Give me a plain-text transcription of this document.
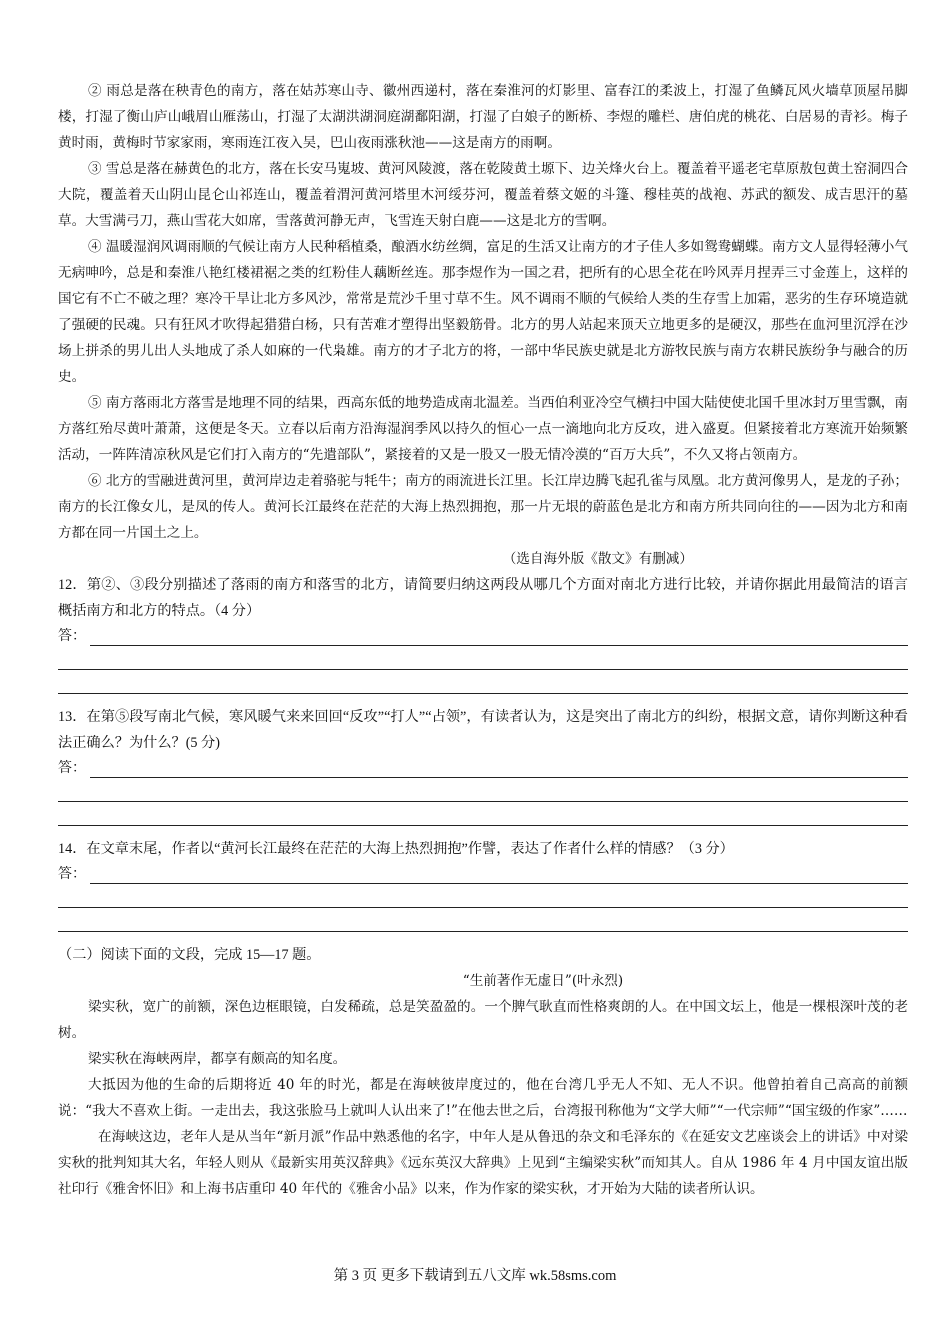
② 雨总是落在秧青色的南方，落在姑苏寒山寺、徽州西递村，落在秦淮河的灯影里、富春江的柔波上，打湿了鱼鳞瓦风火墙草顶屋吊脚楼，打湿了衡山庐山峨眉山雁荡山，打湿了太湖洪湖洞庭湖鄱阳湖，打湿了白娘子的断桥、李煜的雕栏、唐伯虎的桃花、白居易的青衫。梅子黄时雨，黄梅时节家家雨，寒雨连江夜入吴，巴山夜雨涨秋池——这是南方的雨啊。

③ 雪总是落在赫黄色的北方，落在长安马嵬坡、黄河风陵渡，落在乾陵黄土塬下、边关烽火台上。覆盖着平遥老宅草原敖包黄土窑洞四合大院，覆盖着天山阴山昆仑山祁连山，覆盖着渭河黄河塔里木河绥芬河，覆盖着蔡文姬的斗篷、穆桂英的战袍、苏武的额发、成吉思汗的墓草。大雪满弓刀，燕山雪花大如席，雪落黄河静无声，飞雪连天射白鹿——这是北方的雪啊。

④ 温暖湿润风调雨顺的气候让南方人民种稻植桑，酿酒水纺丝绸，富足的生活又让南方的才子佳人多如鸳鸯蝴蝶。南方文人显得轻薄小气无病呻吟，总是和秦淮八艳红楼裙裾之类的红粉佳人藕断丝连。那李煜作为一国之君，把所有的心思全花在吟风弄月捏弄三寸金莲上，这样的国它有不亡不破之理？寒冷干旱让北方多风沙，常常是荒沙千里寸草不生。风不调雨不顺的气候给人类的生存雪上加霜，恶劣的生存环境造就了强硬的民魂。只有狂风才吹得起猎猎白杨，只有苦难才塑得出坚毅筋骨。北方的男人站起来顶天立地更多的是硬汉，那些在血河里沉浮在沙场上拼杀的男儿出人头地成了杀人如麻的一代枭雄。南方的才子北方的将，一部中华民族史就是北方游牧民族与南方农耕民族纷争与融合的历史。

⑤ 南方落雨北方落雪是地理不同的结果，西高东低的地势造成南北温差。当西伯利亚冷空气横扫中国大陆使使北国千里冰封万里雪飘，南方落红殆尽黄叶萧萧，这便是冬天。立春以后南方沿海湿润季风以持久的恒心一点一滴地向北方反攻，进入盛夏。但紧接着北方寒流开始频繁活动，一阵阵清凉秋风是它们打入南方的“先遣部队”，紧接着的又是一股又一股无情冷漠的“百万大兵”，不久又将占领南方。

⑥ 北方的雪融进黄河里，黄河岸边走着骆驼与牦牛；南方的雨流进长江里。长江岸边腾飞起孔雀与凤凰。北方黄河像男人，是龙的子孙；南方的长江像女儿，是凤的传人。黄河长江最终在茫茫的大海上热烈拥抱，那一片无垠的蔚蓝色是北方和南方所共同向往的——因为北方和南方都在同一片国土之上。

（选自海外版《散文》有删减）

12．第②、③段分别描述了落雨的南方和落雪的北方，请简要归纳这两段从哪几个方面对南北方进行比较，并请你据此用最简洁的语言概括南方和北方的特点。（4 分）

答：

13．在第⑤段写南北气候，寒风暖气来来回回“反攻”“打人”“占领”，有读者认为，这是突出了南北方的纠纷，根据文意，请你判断这种看法正确么？为什么？(5 分)

答：

14．在文章末尾，作者以“黄河长江最终在茫茫的大海上热烈拥抱”作譬，表达了作者什么样的情感？（3 分）

答：

（二）阅读下面的文段，完成 15—17 题。

“生前著作无虚日”(叶永烈)

梁实秋，宽广的前额，深色边框眼镜，白发稀疏，总是笑盈盈的。一个脾气耿直而性格爽朗的人。在中国文坛上，他是一棵根深叶茂的老树。

梁实秋在海峡两岸，都享有颇高的知名度。

大抵因为他的生命的后期将近 40 年的时光，都是在海峡彼岸度过的，他在台湾几乎无人不知、无人不识。他曾拍着自己高高的前额说：“我大不喜欢上街。一走出去，我这张脸马上就叫人认出来了!”在他去世之后，台湾报刊称他为“文学大师”“一代宗师”“国宝级的作家”……

在海峡这边，老年人是从当年“新月派”作品中熟悉他的名字，中年人是从鲁迅的杂文和毛泽东的《在延安文艺座谈会上的讲话》中对梁实秋的批判知其大名，年轻人则从《最新实用英汉辞典》《远东英汉大辞典》上见到“主编梁实秋”而知其人。自从 1986 年 4 月中国友谊出版社印行《雅舍怀旧》和上海书店重印 40 年代的《雅舍小品》以来，作为作家的梁实秋，才开始为大陆的读者所认识。

第 3 页 更多下载请到五八文库 wk.58sms.com
